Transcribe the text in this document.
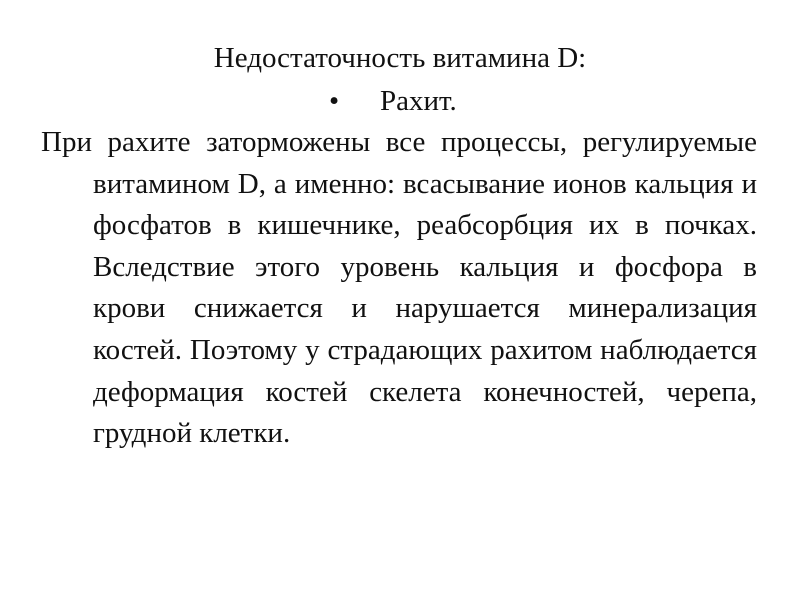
Недостаточность витамина D:
• Рахит.

При рахите заторможены все процессы, регулируемые витамином D, а именно: всасывание ионов кальция и фосфатов в кишечнике, реабсорбция их в почках. Вследствие этого уровень кальция и фосфора в крови снижается и нарушается минерализация костей. Поэтому у страдающих рахитом наблюдается деформация костей скелета конечностей, черепа, грудной клетки.
